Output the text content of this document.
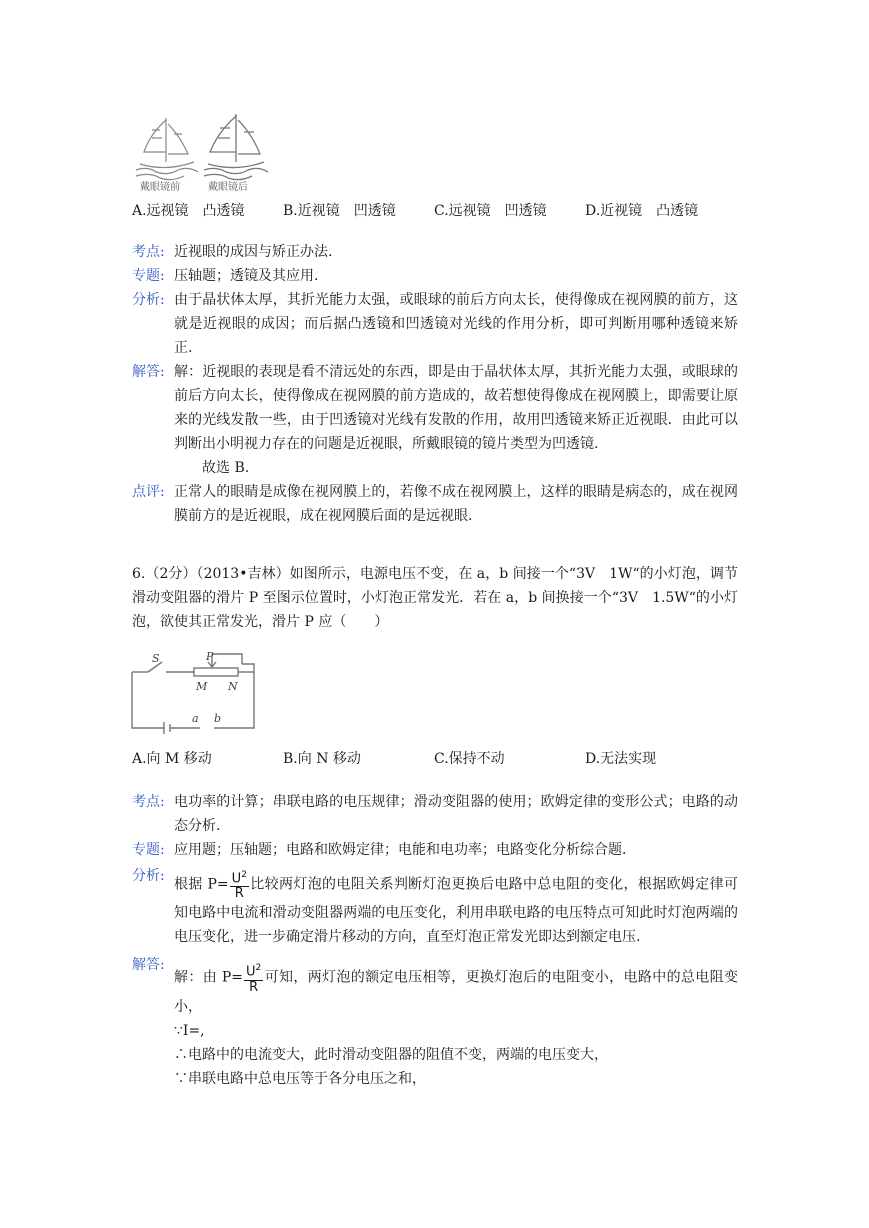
戴眼镜前	戴眼镜后
A.远视镜　凸透镜	B.近视镜　凹透镜	C.远视镜　凹透镜	D.近视镜　凸透镜
考点: 近视眼的成因与矫正办法.
专题: 压轴题；透镜及其应用.
分析: 由于晶状体太厚，其折光能力太强，或眼球的前后方向太长，使得像成在视网膜的前方，这就是近视眼的成因；而后据凸透镜和凹透镜对光线的作用分析，即可判断用哪种透镜来矫正.
解答: 解：近视眼的表现是看不清远处的东西，即是由于晶状体太厚，其折光能力太强，或眼球的前后方向太长，使得像成在视网膜的前方造成的，故若想使得像成在视网膜上，即需要让原来的光线发散一些，由于凹透镜对光线有发散的作用，故用凹透镜来矫正近视眼．由此可以判断出小明视力存在的问题是近视眼，所戴眼镜的镜片类型为凹透镜.
故选 B.
点评: 正常人的眼睛是成像在视网膜上的，若像不成在视网膜上，这样的眼睛是病态的，成在视网膜前方的是近视眼，成在视网膜后面的是远视眼.
6.（2分）（2013•吉林）如图所示，电源电压不变，在 a，b 间接一个“3V　1W“的小灯泡，调节滑动变阻器的滑片 P 至图示位置时，小灯泡正常发光．若在 a，b 间换接一个“3V　1.5W“的小灯泡，欲使其正常发光，滑片 P 应（　　）
S	P
M N
a b
A.向 M 移动	B.向 N 移动	C.保持不动	D.无法实现
考点: 电功率的计算；串联电路的电压规律；滑动变阻器的使用；欧姆定律的变形公式；电路的动态分析.
专题: 应用题；压轴题；电路和欧姆定律；电能和电功率；电路变化分析综合题.
分析:
根据 $P= \frac{U^2}{R}$ 比较两灯泡的电阻关系判断灯泡更换后电路中总电阻的变化，根据欧姆定律可知电路中电流和滑动变阻器两端的电压变化，利用串联电路的电压特点可知此时灯泡两端的电压变化，进一步确定滑片移动的方向，直至灯泡正常发光即达到额定电压.
解答:
解：由 $P= \frac{U^2}{R}$ 可知，两灯泡的额定电压相等，更换灯泡后的电阻变小，电路中的总电阻变小，
∵I=,
∴电路中的电流变大，此时滑动变阻器的阻值不变，两端的电压变大，
∵串联电路中总电压等于各分电压之和，
